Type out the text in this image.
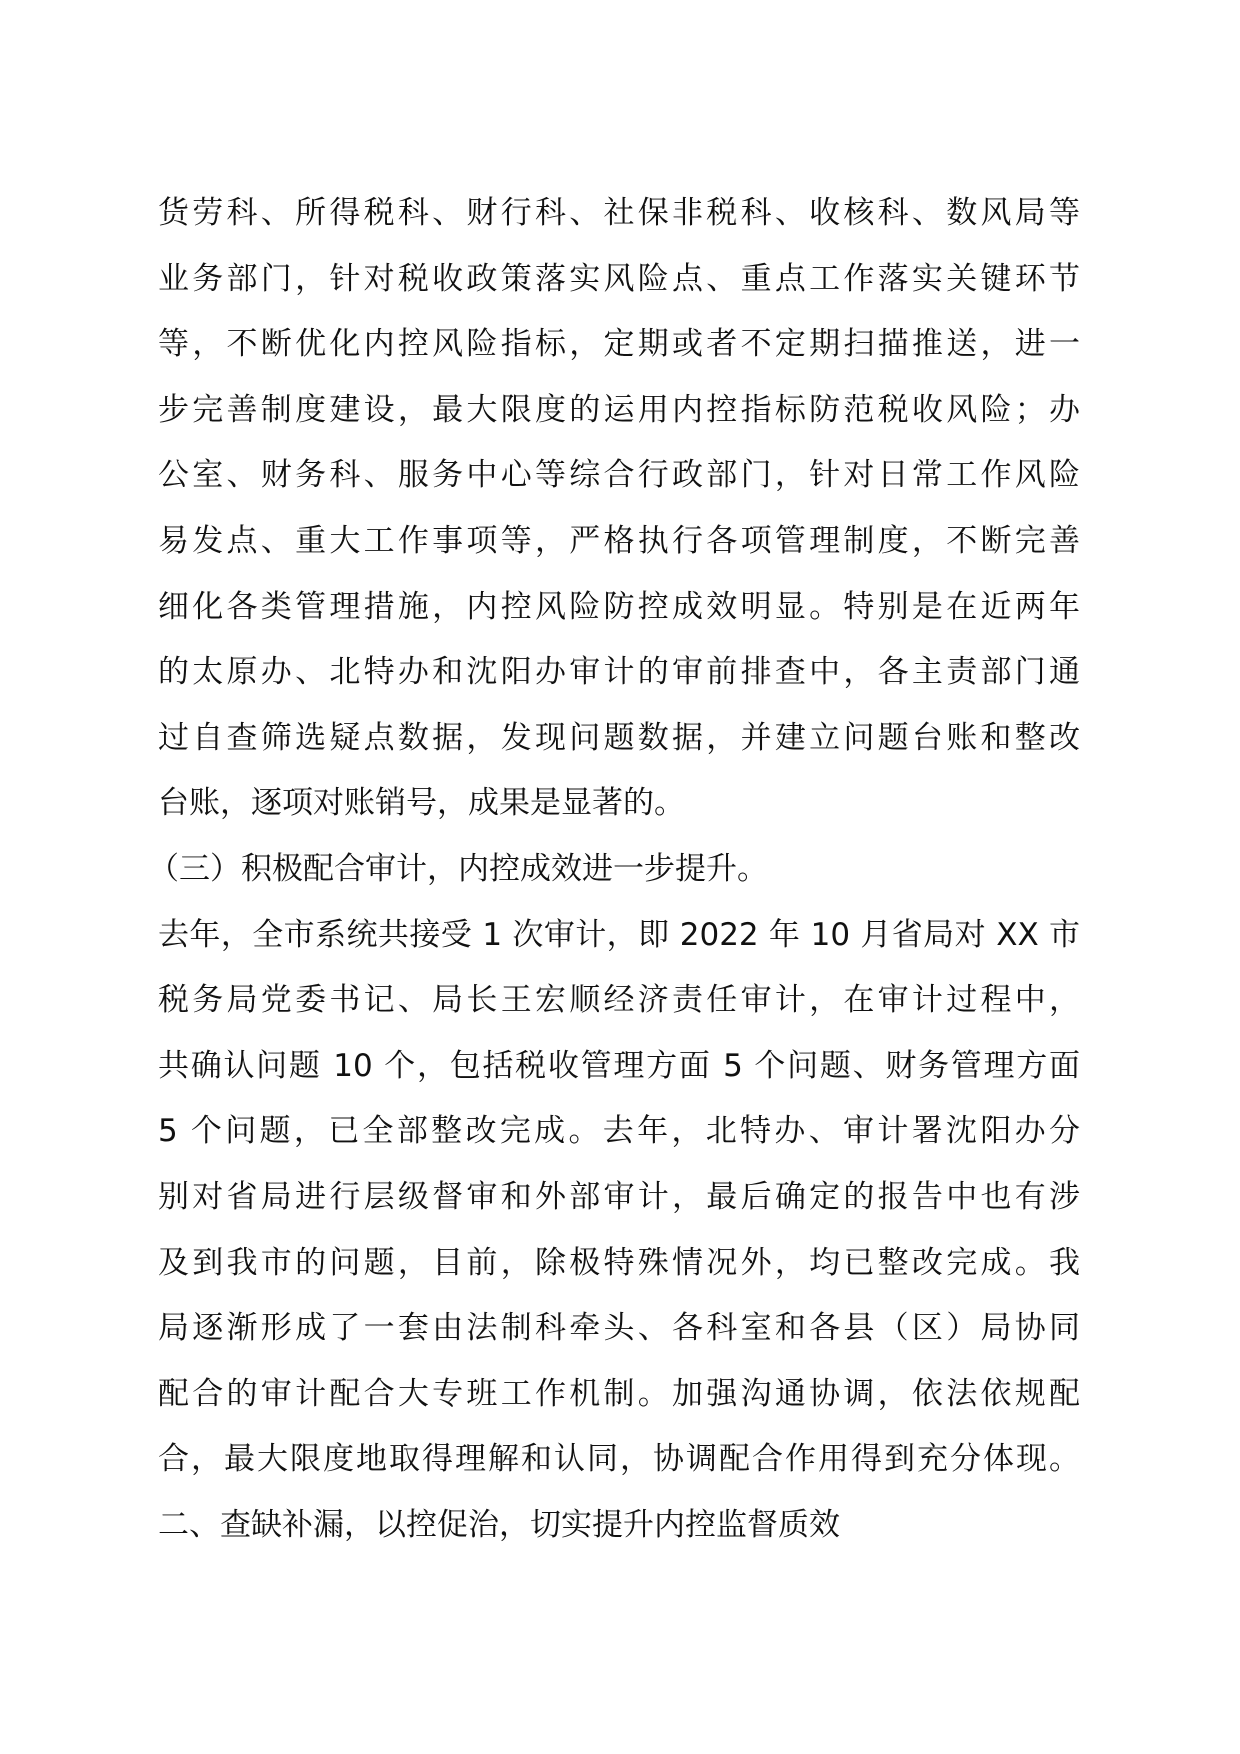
货劳科、所得税科、财行科、社保非税科、收核科、数风局等
业务部门，针对税收政策落实风险点、重点工作落实关键环节
等，不断优化内控风险指标，定期或者不定期扫描推送，进一
步完善制度建设，最大限度的运用内控指标防范税收风险；办
公室、财务科、服务中心等综合行政部门，针对日常工作风险
易发点、重大工作事项等，严格执行各项管理制度，不断完善
细化各类管理措施，内控风险防控成效明显。特别是在近两年
的太原办、北特办和沈阳办审计的审前排查中，各主责部门通
过自查筛选疑点数据，发现问题数据，并建立问题台账和整改
台账，逐项对账销号，成果是显著的。
（三）积极配合审计，内控成效进一步提升。
去年，全市系统共接受 1 次审计，即 2022 年 10 月省局对 XX 市
税务局党委书记、局长王宏顺经济责任审计，在审计过程中，
共确认问题 10 个，包括税收管理方面 5 个问题、财务管理方面
5 个问题，已全部整改完成。去年，北特办、审计署沈阳办分
别对省局进行层级督审和外部审计，最后确定的报告中也有涉
及到我市的问题，目前，除极特殊情况外，均已整改完成。我
局逐渐形成了一套由法制科牵头、各科室和各县（区）局协同
配合的审计配合大专班工作机制。加强沟通协调，依法依规配
合，最大限度地取得理解和认同，协调配合作用得到充分体现。
二、查缺补漏，以控促治，切实提升内控监督质效
